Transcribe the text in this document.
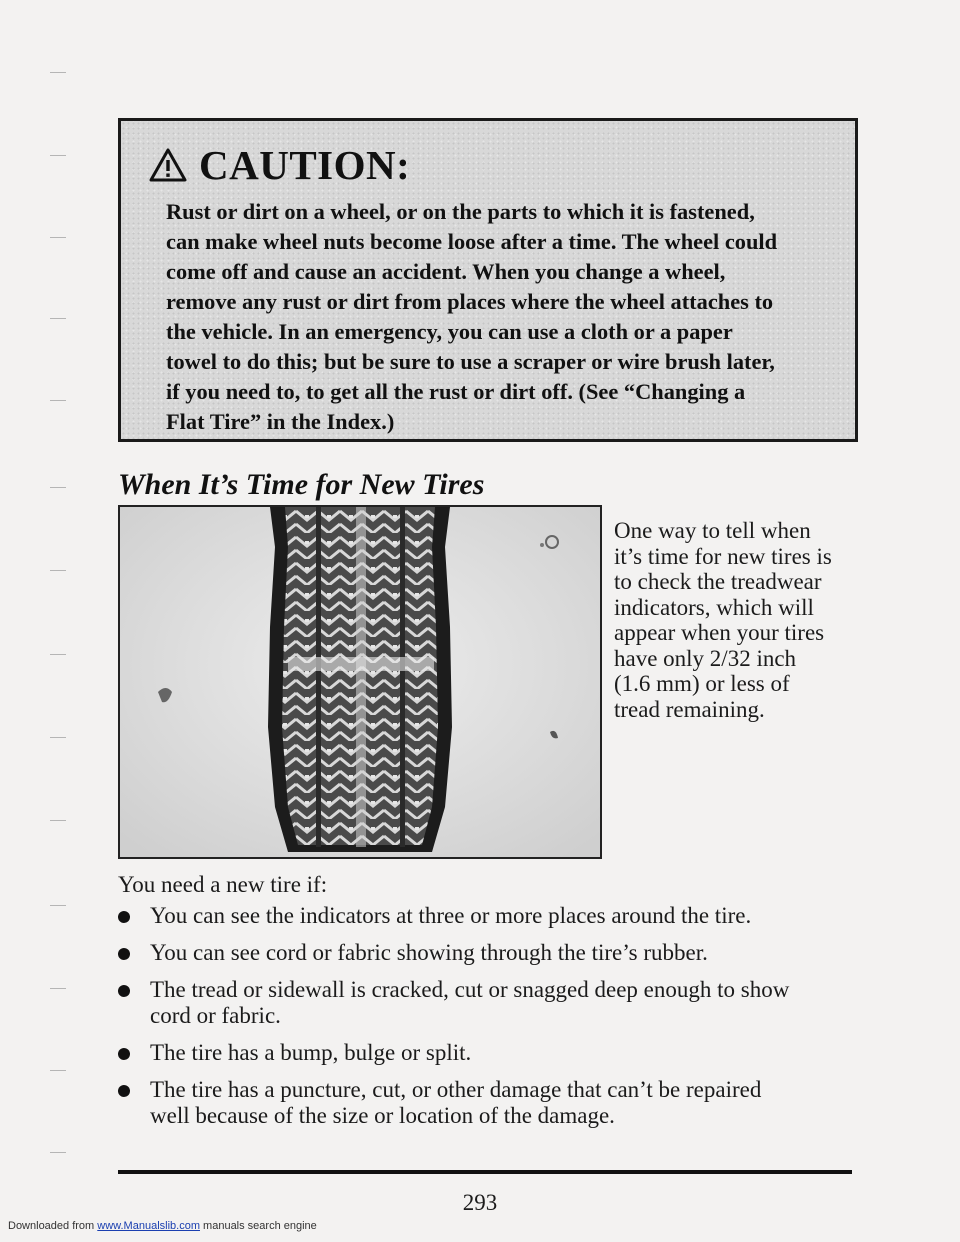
CAUTION:
Rust or dirt on a wheel, or on the parts to which it is fastened,
can make wheel nuts become loose after a time. The wheel could
come off and cause an accident. When you change a wheel,
remove any rust or dirt from places where the wheel attaches to
the vehicle. In an emergency, you can use a cloth or a paper
towel to do this; but be sure to use a scraper or wire brush later,
if you need to, to get all the rust or dirt off. (See “Changing a
Flat Tire” in the Index.)
When It’s Time for New Tires
One way to tell when
it’s time for new tires is
to check the treadwear
indicators, which will
appear when your tires
have only 2/32 inch
(1.6 mm) or less of
tread remaining.
You need a new tire if:
You can see the indicators at three or more places around the tire.
You can see cord or fabric showing through the tire’s rubber.
The tread or sidewall is cracked, cut or snagged deep enough to show
cord or fabric.
The tire has a bump, bulge or split.
The tire has a puncture, cut, or other damage that can’t be repaired
well because of the size or location of the damage.
293
Downloaded from www.Manualslib.com manuals search engine
